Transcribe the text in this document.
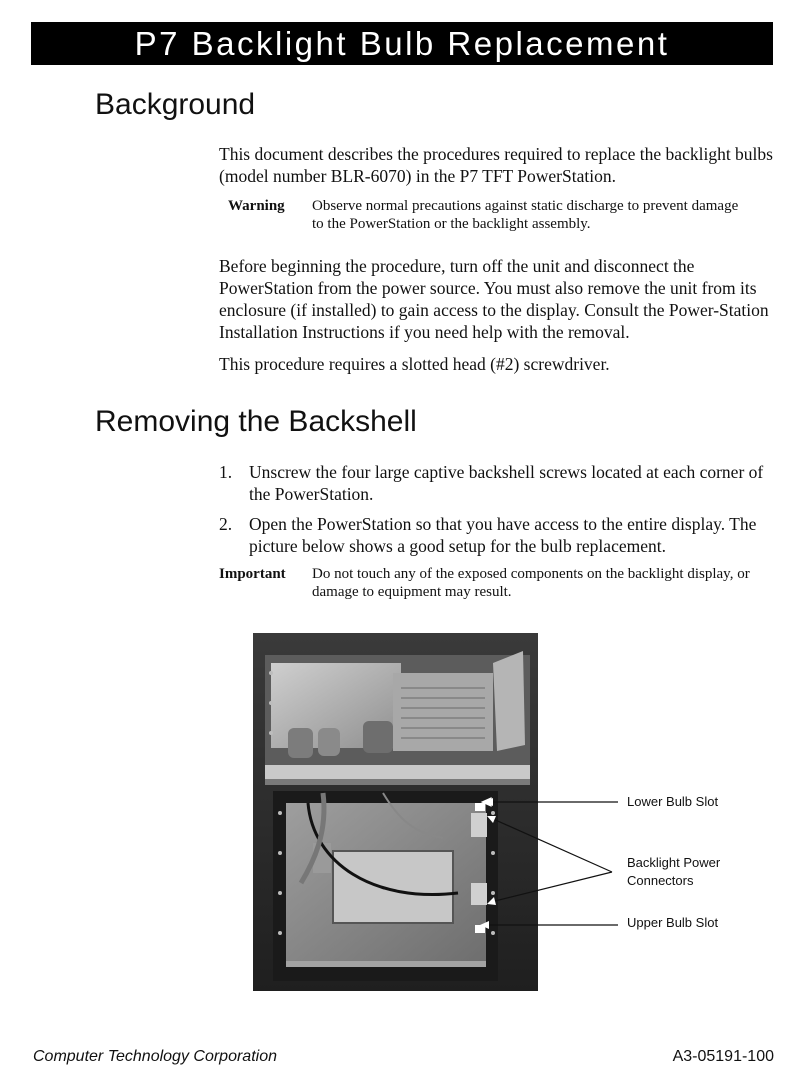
P7 Backlight Bulb Replacement
Background
This document describes the procedures required to replace the backlight bulbs (model number BLR-6070) in the P7 TFT PowerStation.
Warning Observe normal precautions against static discharge to prevent damage to the PowerStation or the backlight assembly.
Before beginning the procedure, turn off the unit and disconnect the PowerStation from the power source. You must also remove the unit from its enclosure (if installed) to gain access to the display. Consult the Power-Station Installation Instructions if you need help with the removal.
This procedure requires a slotted head (#2) screwdriver.
Removing the Backshell
1. Unscrew the four large captive backshell screws located at each corner of the PowerStation.
2. Open the PowerStation so that you have access to the entire display. The picture below shows a good setup for the bulb replacement.
Important Do not touch any of the exposed components on the backlight display, or damage to equipment may result.
Lower Bulb Slot
Backlight Power
Connectors
Upper Bulb Slot
Computer Technology Corporation	A3-05191-100
